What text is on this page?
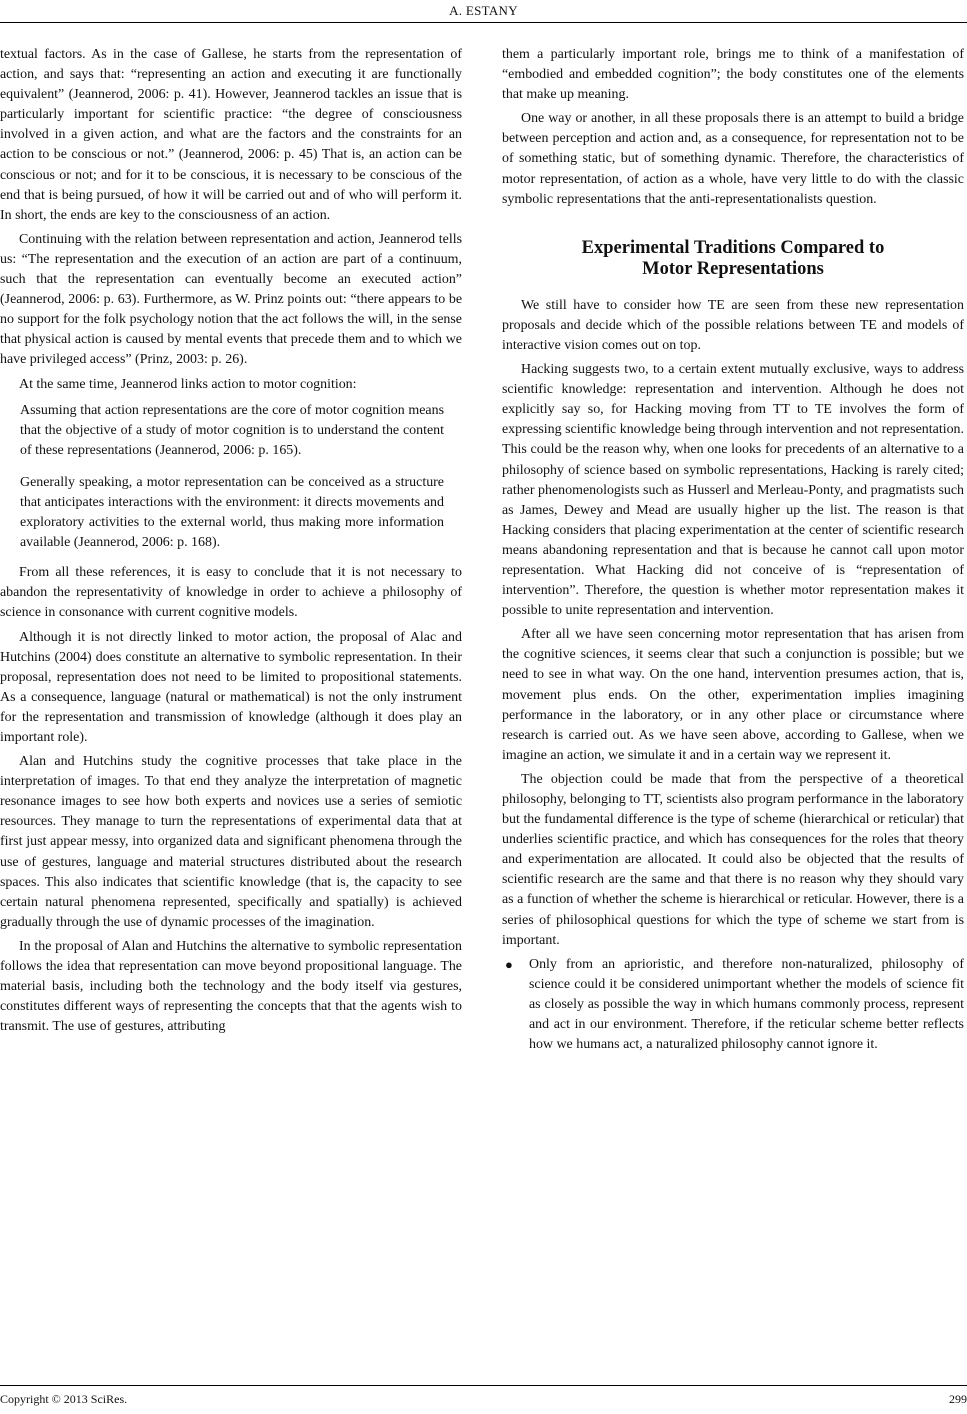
A. ESTANY

textual factors. As in the case of Gallese, he starts from the representation of action, and says that: “representing an action and executing it are functionally equivalent” (Jeannerod, 2006: p. 41). However, Jeannerod tackles an issue that is particularly important for scientific practice: “the degree of consciousness involved in a given action, and what are the factors and the constraints for an action to be conscious or not.” (Jeannerod, 2006: p. 45) That is, an action can be conscious or not; and for it to be conscious, it is necessary to be conscious of the end that is being pursued, of how it will be carried out and of who will perform it. In short, the ends are key to the consciousness of an action.

Continuing with the relation between representation and action, Jeannerod tells us: “The representation and the execution of an action are part of a continuum, such that the representation can eventually become an executed action” (Jeannerod, 2006: p. 63). Furthermore, as W. Prinz points out: “there appears to be no support for the folk psychology notion that the act follows the will, in the sense that physical action is caused by mental events that precede them and to which we have privileged access” (Prinz, 2003: p. 26).

At the same time, Jeannerod links action to motor cognition:

Assuming that action representations are the core of motor cognition means that the objective of a study of motor cognition is to understand the content of these representations (Jeannerod, 2006: p. 165).

Generally speaking, a motor representation can be conceived as a structure that anticipates interactions with the environment: it directs movements and exploratory activities to the external world, thus making more information available (Jeannerod, 2006: p. 168).

From all these references, it is easy to conclude that it is not necessary to abandon the representativity of knowledge in order to achieve a philosophy of science in consonance with current cognitive models.

Although it is not directly linked to motor action, the proposal of Alac and Hutchins (2004) does constitute an alternative to symbolic representation. In their proposal, representation does not need to be limited to propositional statements. As a consequence, language (natural or mathematical) is not the only instrument for the representation and transmission of knowledge (although it does play an important role).

Alan and Hutchins study the cognitive processes that take place in the interpretation of images. To that end they analyze the interpretation of magnetic resonance images to see how both experts and novices use a series of semiotic resources. They manage to turn the representations of experimental data that at first just appear messy, into organized data and significant phenomena through the use of gestures, language and material structures distributed about the research spaces. This also indicates that scientific knowledge (that is, the capacity to see certain natural phenomena represented, specifically and spatially) is achieved gradually through the use of dynamic processes of the imagination.

In the proposal of Alan and Hutchins the alternative to symbolic representation follows the idea that representation can move beyond propositional language. The material basis, including both the technology and the body itself via gestures, constitutes different ways of representing the concepts that that the agents wish to transmit. The use of gestures, attributing

them a particularly important role, brings me to think of a manifestation of “embodied and embedded cognition”; the body constitutes one of the elements that make up meaning.

One way or another, in all these proposals there is an attempt to build a bridge between perception and action and, as a consequence, for representation not to be of something static, but of something dynamic. Therefore, the characteristics of motor representation, of action as a whole, have very little to do with the classic symbolic representations that the anti-representationalists question.

Experimental Traditions Compared to
Motor Representations

We still have to consider how TE are seen from these new representation proposals and decide which of the possible relations between TE and models of interactive vision comes out on top.

Hacking suggests two, to a certain extent mutually exclusive, ways to address scientific knowledge: representation and intervention. Although he does not explicitly say so, for Hacking moving from TT to TE involves the form of expressing scientific knowledge being through intervention and not representation. This could be the reason why, when one looks for precedents of an alternative to a philosophy of science based on symbolic representations, Hacking is rarely cited; rather phenomenologists such as Husserl and Merleau-Ponty, and pragmatists such as James, Dewey and Mead are usually higher up the list. The reason is that Hacking considers that placing experimentation at the center of scientific research means abandoning representation and that is because he cannot call upon motor representation. What Hacking did not conceive of is “representation of intervention”. Therefore, the question is whether motor representation makes it possible to unite representation and intervention.

After all we have seen concerning motor representation that has arisen from the cognitive sciences, it seems clear that such a conjunction is possible; but we need to see in what way. On the one hand, intervention presumes action, that is, movement plus ends. On the other, experimentation implies imagining performance in the laboratory, or in any other place or circumstance where research is carried out. As we have seen above, according to Gallese, when we imagine an action, we simulate it and in a certain way we represent it.

The objection could be made that from the perspective of a theoretical philosophy, belonging to TT, scientists also program performance in the laboratory but the fundamental difference is the type of scheme (hierarchical or reticular) that underlies scientific practice, and which has consequences for the roles that theory and experimentation are allocated. It could also be objected that the results of scientific research are the same and that there is no reason why they should vary as a function of whether the scheme is hierarchical or reticular. However, there is a series of philosophical questions for which the type of scheme we start from is important.

● Only from an aprioristic, and therefore non-naturalized, philosophy of science could it be considered unimportant whether the models of science fit as closely as possible the way in which humans commonly process, represent and act in our environment. Therefore, if the reticular scheme better reflects how we humans act, a naturalized philosophy cannot ignore it.
Copyright © 2013 SciRes.	299
